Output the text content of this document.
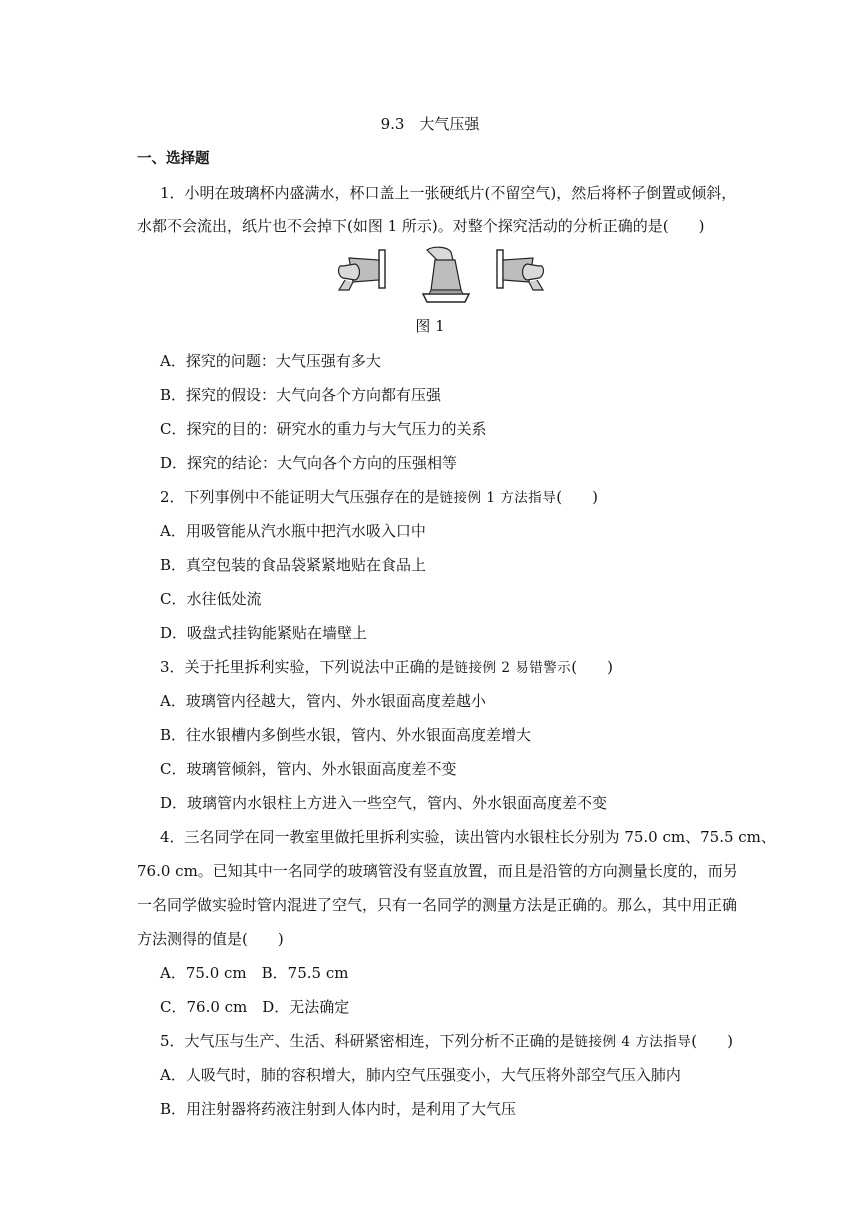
9.3　大气压强
一、选择题
1．小明在玻璃杯内盛满水，杯口盖上一张硬纸片(不留空气)，然后将杯子倒置或倾斜，
水都不会流出，纸片也不会掉下(如图 1 所示)。对整个探究活动的分析正确的是(　　)
图 1
A．探究的问题：大气压强有多大
B．探究的假设：大气向各个方向都有压强
C．探究的目的：研究水的重力与大气压力的关系
D．探究的结论：大气向各个方向的压强相等
2．下列事例中不能证明大气压强存在的是链接例 1 方法指导(　　)
A．用吸管能从汽水瓶中把汽水吸入口中
B．真空包装的食品袋紧紧地贴在食品上
C．水往低处流
D．吸盘式挂钩能紧贴在墙壁上
3．关于托里拆利实验，下列说法中正确的是链接例 2 易错警示(　　)
A．玻璃管内径越大，管内、外水银面高度差越小
B．往水银槽内多倒些水银，管内、外水银面高度差增大
C．玻璃管倾斜，管内、外水银面高度差不变
D．玻璃管内水银柱上方进入一些空气，管内、外水银面高度差不变
4．三名同学在同一教室里做托里拆利实验，读出管内水银柱长分别为 75.0 cm、75.5 cm、
76.0 cm。已知其中一名同学的玻璃管没有竖直放置，而且是沿管的方向测量长度的，而另
一名同学做实验时管内混进了空气，只有一名同学的测量方法是正确的。那么，其中用正确
方法测得的值是(　　)
A．75.0 cm　B．75.5 cm
C．76.0 cm　D．无法确定
5．大气压与生产、生活、科研紧密相连，下列分析不正确的是链接例 4 方法指导(　　)
A．人吸气时，肺的容积增大，肺内空气压强变小，大气压将外部空气压入肺内
B．用注射器将药液注射到人体内时，是利用了大气压
